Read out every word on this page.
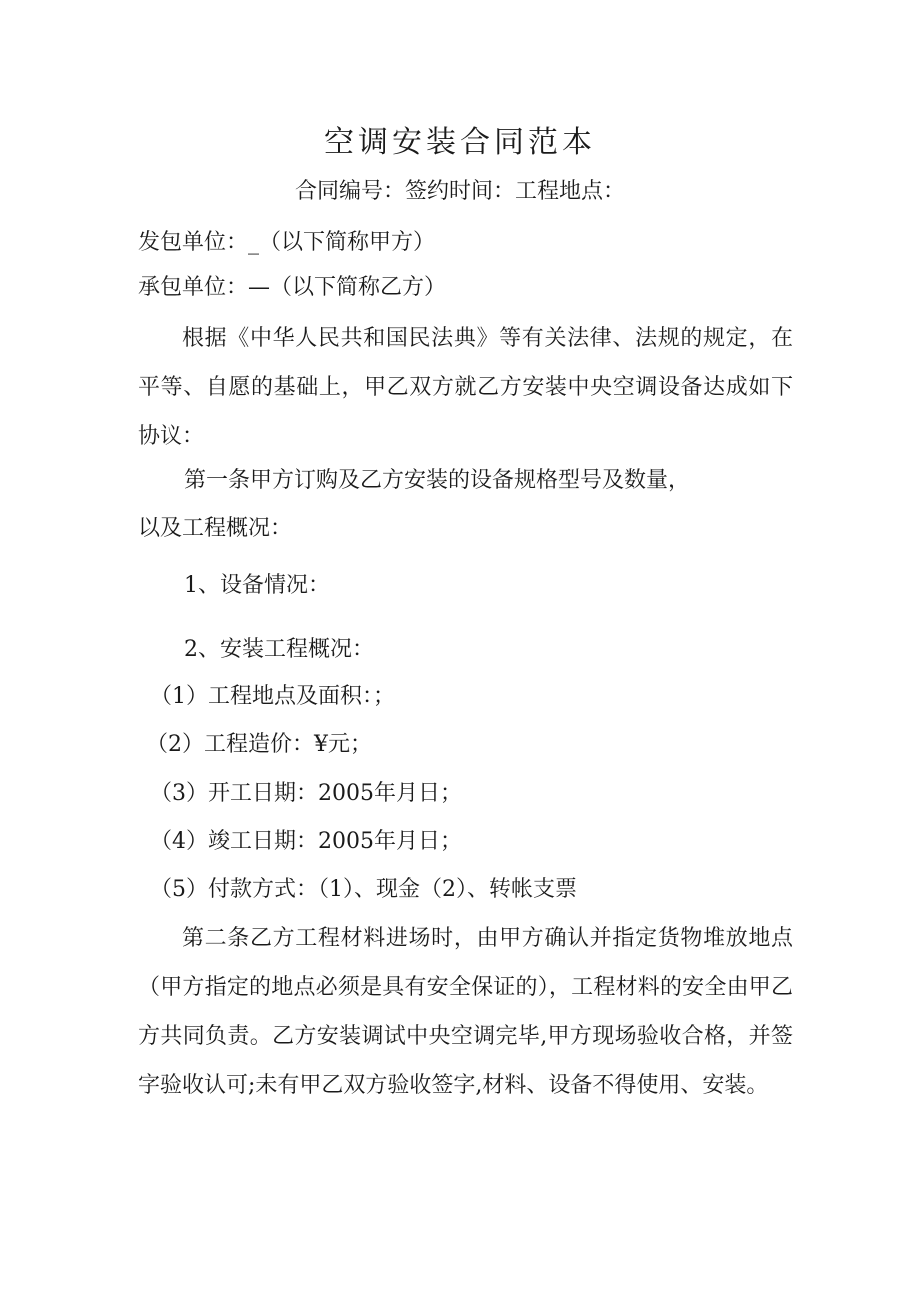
空调安装合同范本
合同编号：签约时间：工程地点：
发包单位：_（以下简称甲方）
承包单位：—（以下简称乙方）
根据《中华人民共和国民法典》等有关法律、法规的规定，在平等、自愿的基础上，甲乙双方就乙方安装中央空调设备达成如下协议：
第一条甲方订购及乙方安装的设备规格型号及数量，
以及工程概况：
1、设备情况：
2、安装工程概况：
（1）工程地点及面积：；
（2）工程造价：¥元；
（3）开工日期：2005年月日；
（4）竣工日期：2005年月日；
（5）付款方式：（1）、现金（2）、转帐支票
第二条乙方工程材料进场时，由甲方确认并指定货物堆放地点（甲方指定的地点必须是具有安全保证的），工程材料的安全由甲乙方共同负责。乙方安装调试中央空调完毕,甲方现场验收合格，并签字验收认可;未有甲乙双方验收签字,材料、设备不得使用、安装。
